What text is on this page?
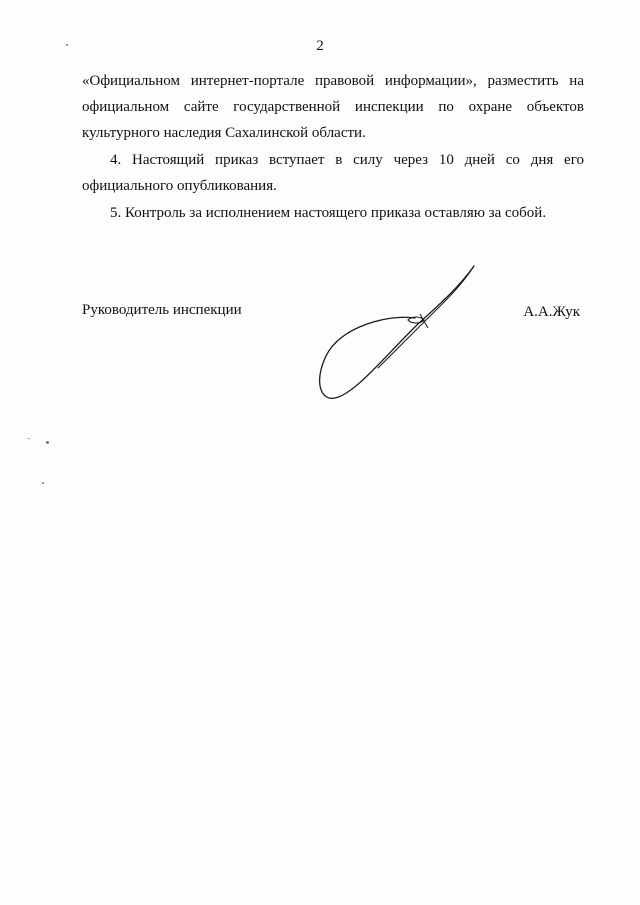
2
«Официальном интернет-портале правовой информации», разместить на
официальном сайте государственной инспекции по охране объектов
культурного наследия Сахалинской области.
4. Настоящий приказ вступает в силу через 10 дней со дня его
официального опубликования.
5. Контроль за исполнением настоящего приказа оставляю за собой.
Руководитель инспекции	А.А.Жук
